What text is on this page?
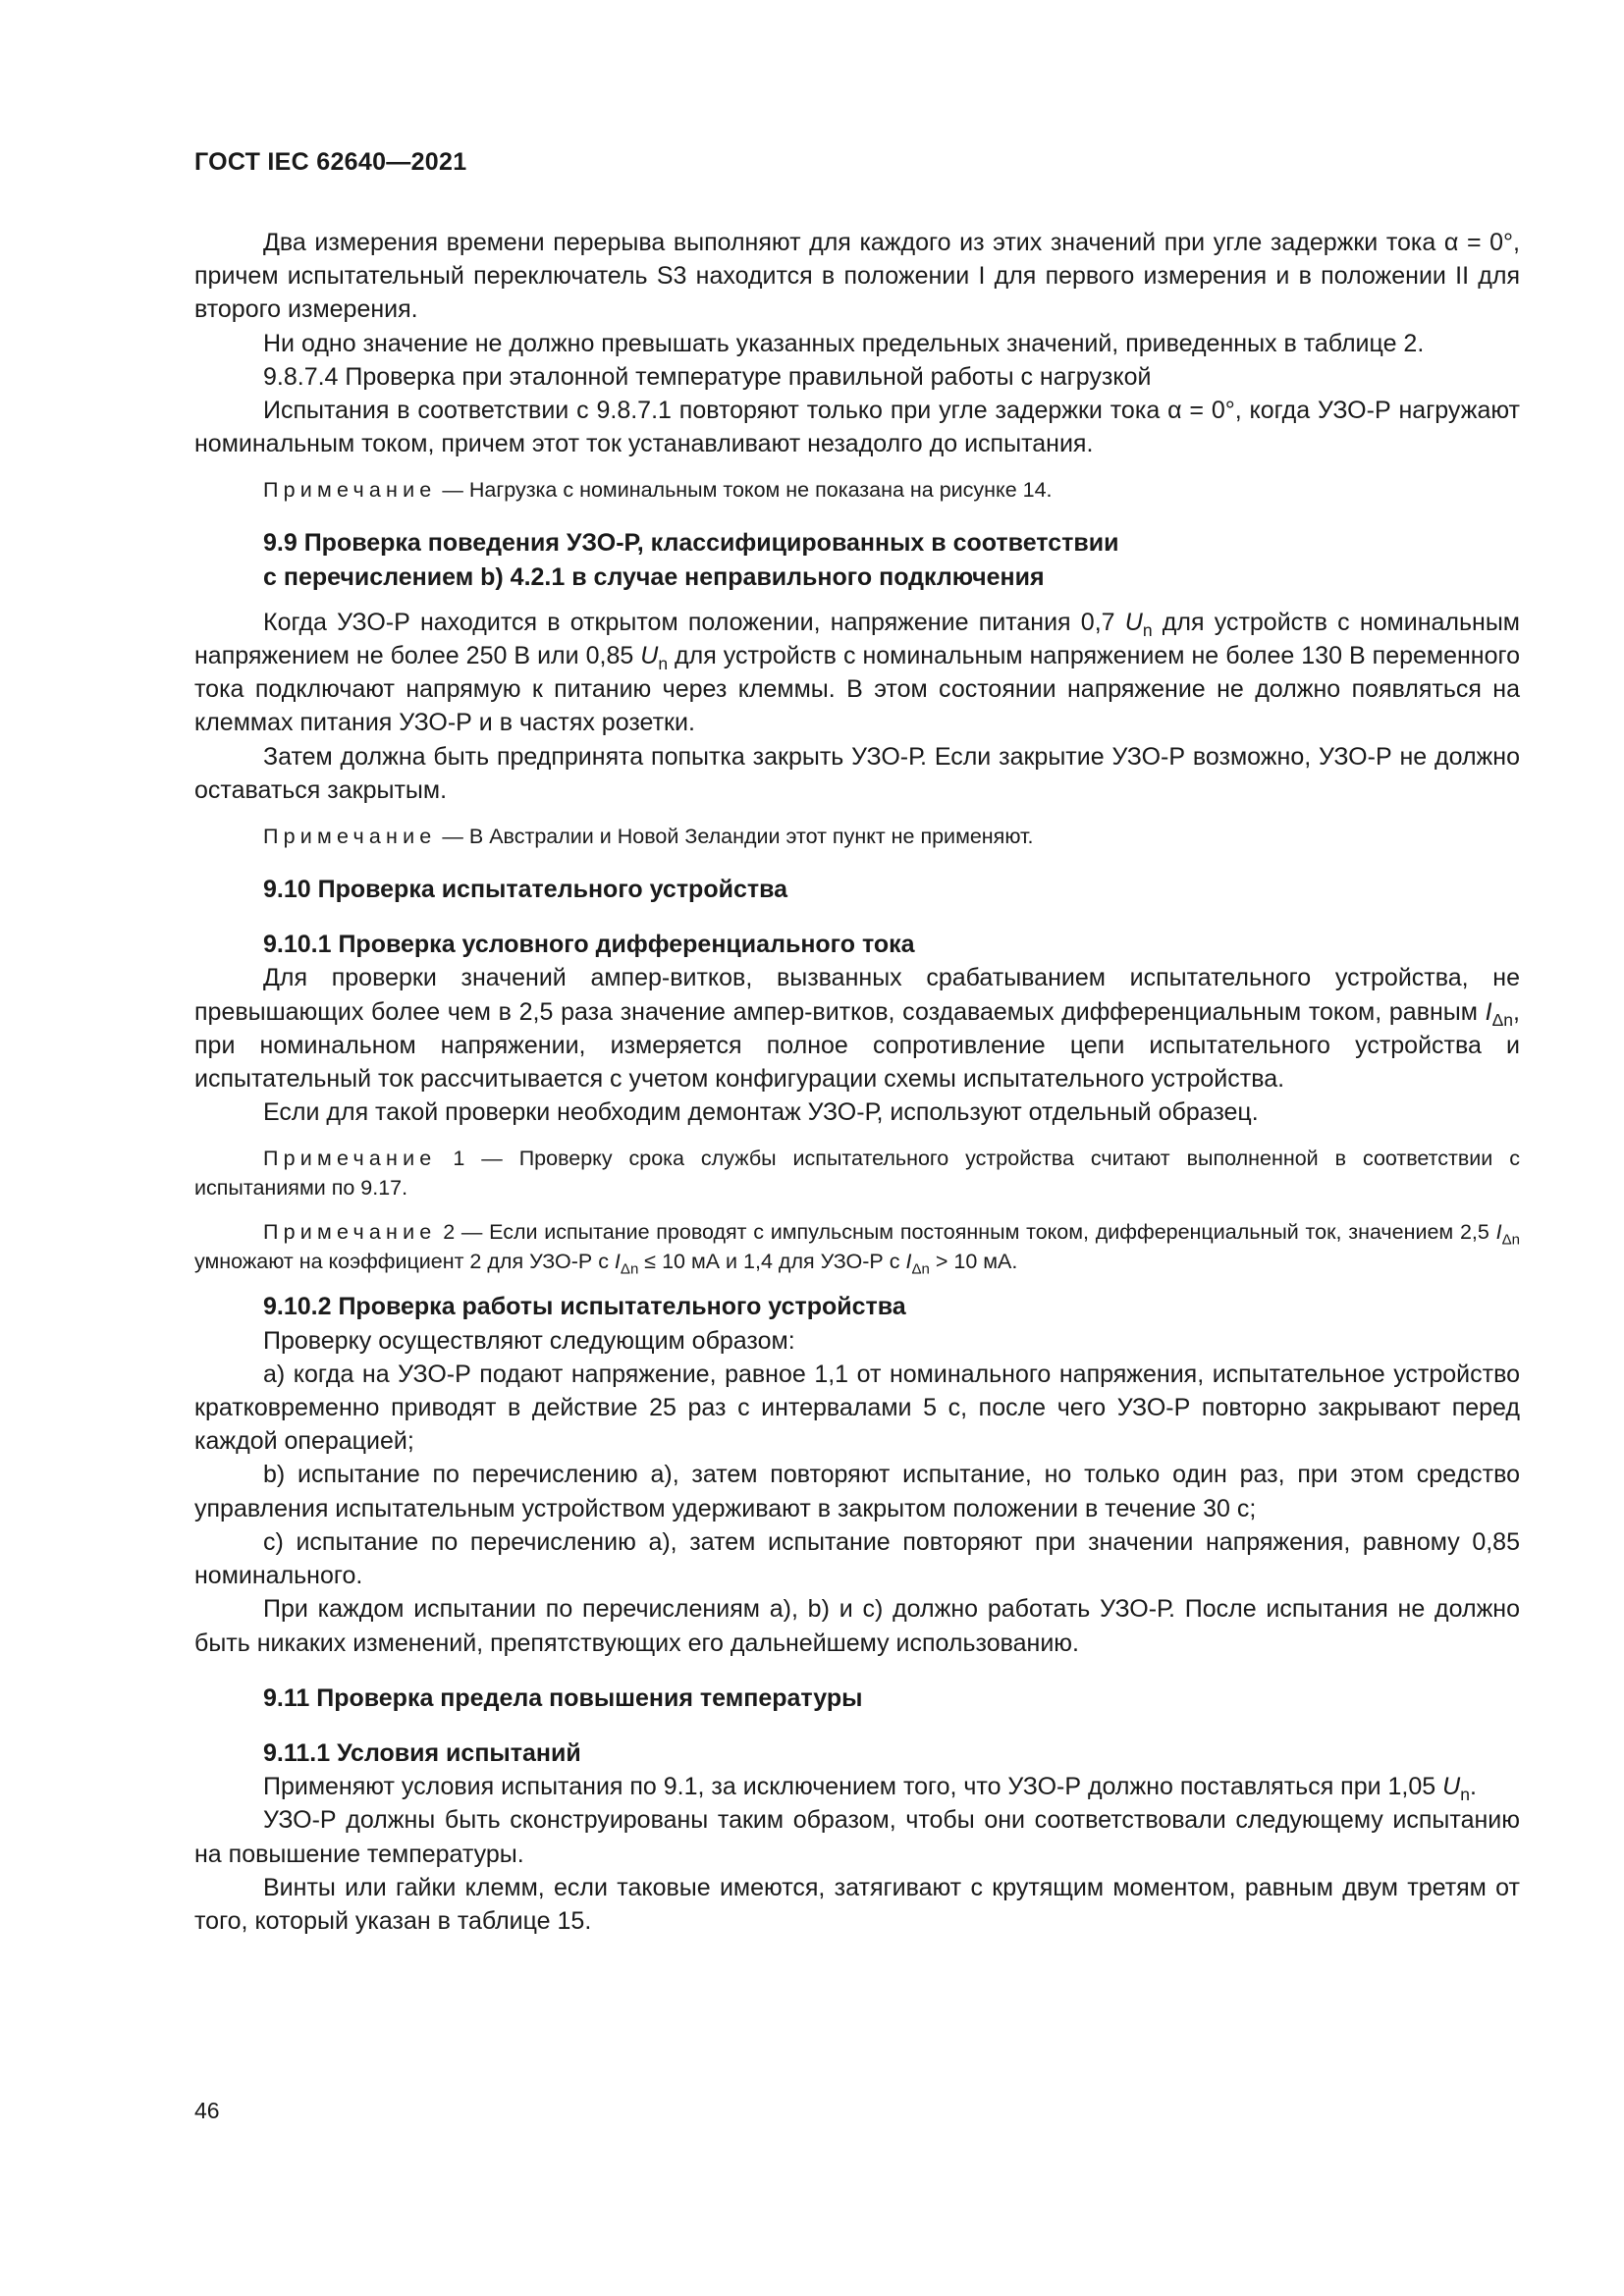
ГОСТ IEC 62640—2021

Два измерения времени перерыва выполняют для каждого из этих значений при угле задержки тока α = 0°, причем испытательный переключатель S3 находится в положении I для первого измерения и в положении II для второго измерения.

Ни одно значение не должно превышать указанных предельных значений, приведенных в таблице 2.

9.8.7.4 Проверка при эталонной температуре правильной работы с нагрузкой

Испытания в соответствии с 9.8.7.1 повторяют только при угле задержки тока α = 0°, когда УЗО-Р нагружают номинальным током, причем этот ток устанавливают незадолго до испытания.

Примечание — Нагрузка с номинальным током не показана на рисунке 14.
9.9 Проверка поведения УЗО-Р, классифицированных в соответствии
с перечислением b) 4.2.1 в случае неправильного подключения

Когда УЗО-Р находится в открытом положении, напряжение питания 0,7 $U_n$ для устройств с номинальным напряжением не более 250 В или 0,85 $U_n$ для устройств с номинальным напряжением не более 130 В переменного тока подключают напрямую к питанию через клеммы. В этом состоянии напряжение не должно появляться на клеммах питания УЗО-Р и в частях розетки.

Затем должна быть предпринята попытка закрыть УЗО-Р. Если закрытие УЗО-Р возможно, УЗО-Р не должно оставаться закрытым.

Примечание — В Австралии и Новой Зеландии этот пункт не применяют.
9.10 Проверка испытательного устройства
9.10.1 Проверка условного дифференциального тока

Для проверки значений ампер-витков, вызванных срабатыванием испытательного устройства, не превышающих более чем в 2,5 раза значение ампер-витков, создаваемых дифференциальным током, равным $I_{\Delta n}$, при номинальном напряжении, измеряется полное сопротивление цепи испытательного устройства и испытательный ток рассчитывается с учетом конфигурации схемы испытательного устройства.

Если для такой проверки необходим демонтаж УЗО-Р, используют отдельный образец.

Примечание 1 — Проверку срока службы испытательного устройства считают выполненной в соответствии с испытаниями по 9.17.
Примечание 2 — Если испытание проводят с импульсным постоянным током, дифференциальный ток, значением 2,5 $I_{\Delta n}$ умножают на коэффициент 2 для УЗО-Р с $I_{\Delta n} \le 10$ мА и 1,4 для УЗО-Р с $I_{\Delta n} > 10$ мА.
9.10.2 Проверка работы испытательного устройства

Проверку осуществляют следующим образом:

a) когда на УЗО-Р подают напряжение, равное 1,1 от номинального напряжения, испытательное устройство кратковременно приводят в действие 25 раз с интервалами 5 с, после чего УЗО-Р повторно закрывают перед каждой операцией;

b) испытание по перечислению a), затем повторяют испытание, но только один раз, при этом средство управления испытательным устройством удерживают в закрытом положении в течение 30 с;

c) испытание по перечислению a), затем испытание повторяют при значении напряжения, равному 0,85 номинального.

При каждом испытании по перечислениям a), b) и c) должно работать УЗО-Р. После испытания не должно быть никаких изменений, препятствующих его дальнейшему использованию.

9.11 Проверка предела повышения температуры
9.11.1 Условия испытаний

Применяют условия испытания по 9.1, за исключением того, что УЗО-Р должно поставляться при 1,05 $U_n$.

УЗО-Р должны быть сконструированы таким образом, чтобы они соответствовали следующему испытанию на повышение температуры.

Винты или гайки клемм, если таковые имеются, затягивают с крутящим моментом, равным двум третям от того, который указан в таблице 15.

46
